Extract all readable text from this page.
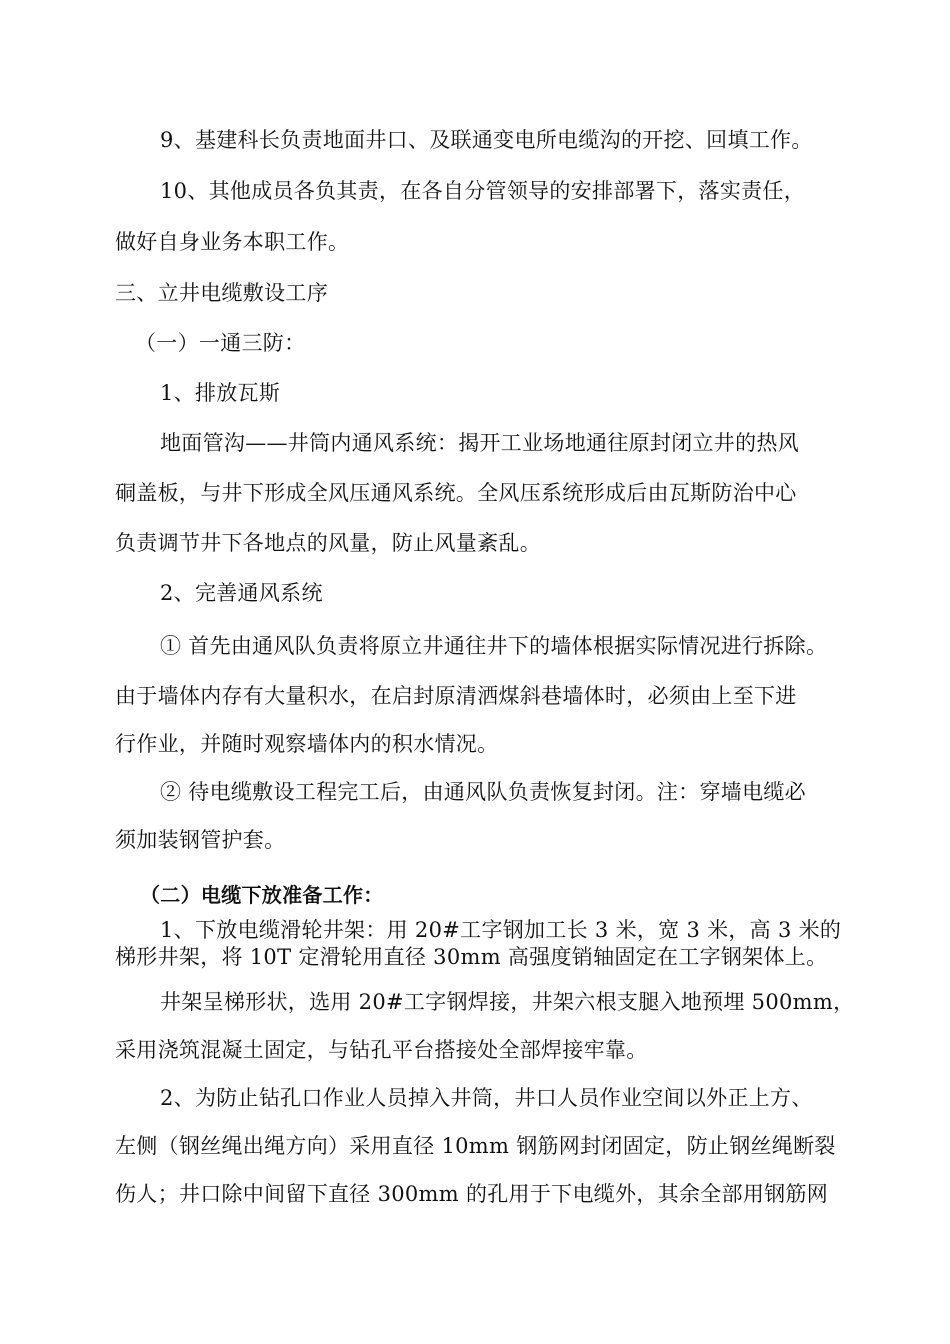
9、基建科长负责地面井口、及联通变电所电缆沟的开挖、回填工作。
10、其他成员各负其责，在各自分管领导的安排部署下，落实责任，
做好自身业务本职工作。
三、立井电缆敷设工序
（一）一通三防：
1、排放瓦斯
地面管沟——井筒内通风系统：揭开工业场地通往原封闭立井的热风
硐盖板，与井下形成全风压通风系统。全风压系统形成后由瓦斯防治中心
负责调节井下各地点的风量，防止风量紊乱。
2、完善通风系统
① 首先由通风队负责将原立井通往井下的墙体根据实际情况进行拆除。
由于墙体内存有大量积水，在启封原清洒煤斜巷墙体时，必须由上至下进
行作业，并随时观察墙体内的积水情况。
② 待电缆敷设工程完工后，由通风队负责恢复封闭。注：穿墙电缆必
须加装钢管护套。
（二）电缆下放准备工作：
1、下放电缆滑轮井架：用 20#工字钢加工长 3 米，宽 3 米，高 3 米的
梯形井架，将 10T 定滑轮用直径 30mm 高强度销轴固定在工字钢架体上。
井架呈梯形状，选用 20#工字钢焊接，井架六根支腿入地预埋 500mm，
采用浇筑混凝土固定，与钻孔平台搭接处全部焊接牢靠。
2、为防止钻孔口作业人员掉入井筒，井口人员作业空间以外正上方、
左侧（钢丝绳出绳方向）采用直径 10mm 钢筋网封闭固定，防止钢丝绳断裂
伤人；井口除中间留下直径 300mm 的孔用于下电缆外，其余全部用钢筋网
